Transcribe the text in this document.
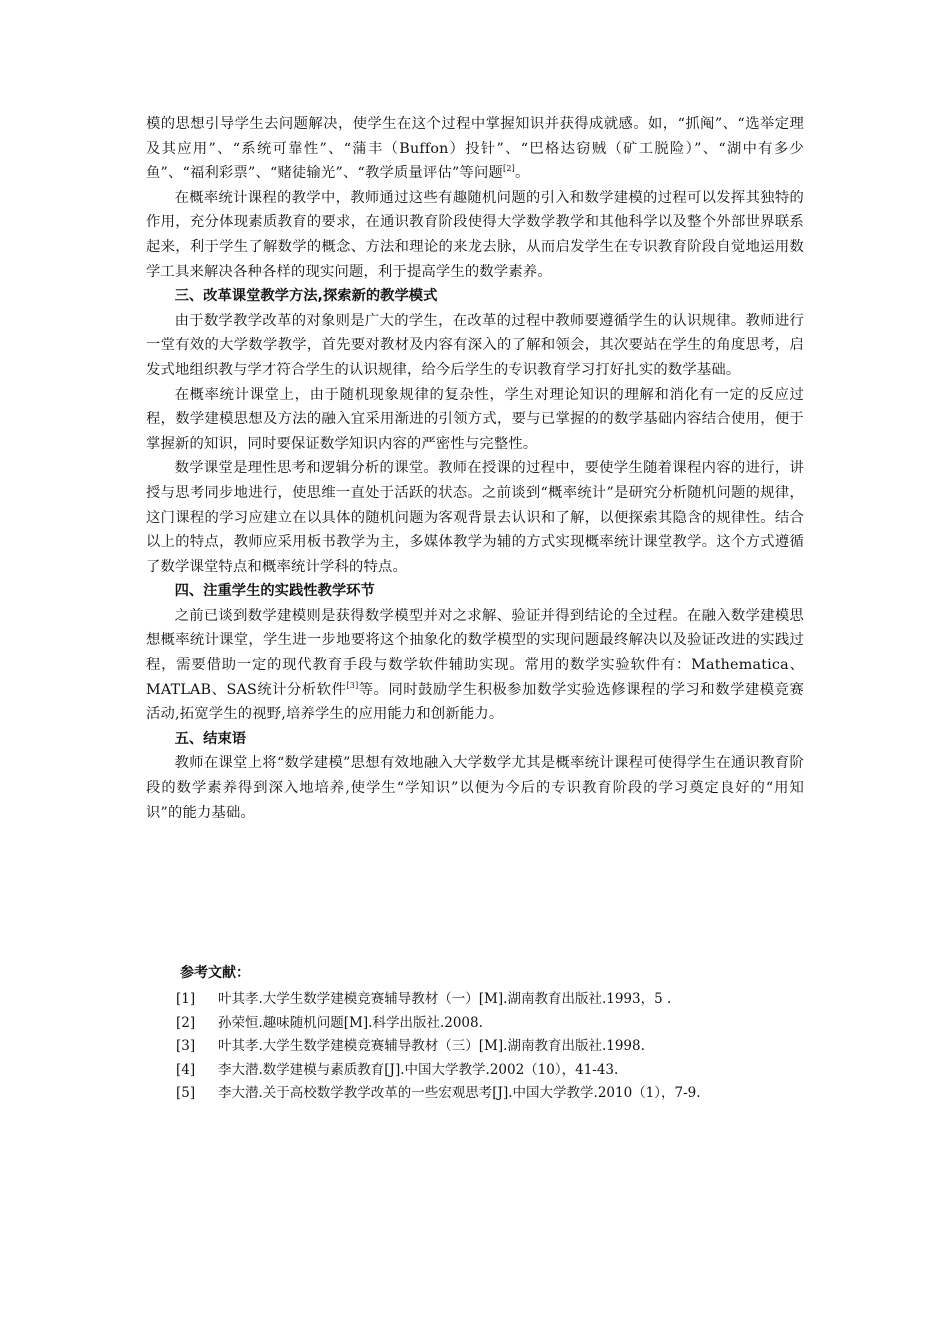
模的思想引导学生去问题解决，使学生在这个过程中掌握知识并获得成就感。如，“抓阄”、“选举定理及其应用”、“系统可靠性”、“蒲丰（Buffon）投针”、“巴格达窃贼（矿工脱险）”、“湖中有多少鱼”、“福利彩票”、“赌徒输光”、“教学质量评估”等问题[2]。

在概率统计课程的教学中，教师通过这些有趣随机问题的引入和数学建模的过程可以发挥其独特的作用，充分体现素质教育的要求，在通识教育阶段使得大学数学教学和其他科学以及整个外部世界联系起来，利于学生了解数学的概念、方法和理论的来龙去脉，从而启发学生在专识教育阶段自觉地运用数学工具来解决各种各样的现实问题，利于提高学生的数学素养。

三、改革课堂教学方法,探索新的教学模式

由于数学教学改革的对象则是广大的学生，在改革的过程中教师要遵循学生的认识规律。教师进行一堂有效的大学数学教学，首先要对教材及内容有深入的了解和领会，其次要站在学生的角度思考，启发式地组织教与学才符合学生的认识规律，给今后学生的专识教育学习打好扎实的数学基础。

在概率统计课堂上，由于随机现象规律的复杂性，学生对理论知识的理解和消化有一定的反应过程，数学建模思想及方法的融入宜采用渐进的引领方式，要与已掌握的的数学基础内容结合使用，便于掌握新的知识，同时要保证数学知识内容的严密性与完整性。

数学课堂是理性思考和逻辑分析的课堂。教师在授课的过程中，要使学生随着课程内容的进行，讲授与思考同步地进行，使思维一直处于活跃的状态。之前谈到“概率统计”是研究分析随机问题的规律，这门课程的学习应建立在以具体的随机问题为客观背景去认识和了解，以便探索其隐含的规律性。结合以上的特点，教师应采用板书教学为主，多媒体教学为辅的方式实现概率统计课堂教学。这个方式遵循了数学课堂特点和概率统计学科的特点。

四、注重学生的实践性教学环节

之前已谈到数学建模则是获得数学模型并对之求解、验证并得到结论的全过程。在融入数学建模思想概率统计课堂，学生进一步地要将这个抽象化的数学模型的实现问题最终解决以及验证改进的实践过程，需要借助一定的现代教育手段与数学软件辅助实现。常用的数学实验软件有：Mathematica、MATLAB、SAS统计分析软件[3]等。同时鼓励学生积极参加数学实验选修课程的学习和数学建模竞赛活动,拓宽学生的视野,培养学生的应用能力和创新能力。

五、结束语

教师在课堂上将“数学建模”思想有效地融入大学数学尤其是概率统计课程可使得学生在通识教育阶段的数学素养得到深入地培养,使学生“学知识”以便为今后的专识教育阶段的学习奠定良好的“用知识”的能力基础。

参考文献：

[1] 叶其孝.大学生数学建模竞赛辅导教材（一）[M].湖南教育出版社.1993，5 .

[2] 孙荣恒.趣味随机问题[M].科学出版社.2008.

[3] 叶其孝.大学生数学建模竞赛辅导教材（三）[M].湖南教育出版社.1998.

[4] 李大潜.数学建模与素质教育[J].中国大学教学.2002（10），41-43.

[5] 李大潜.关于高校数学教学改革的一些宏观思考[J].中国大学教学.2010（1），7-9.
